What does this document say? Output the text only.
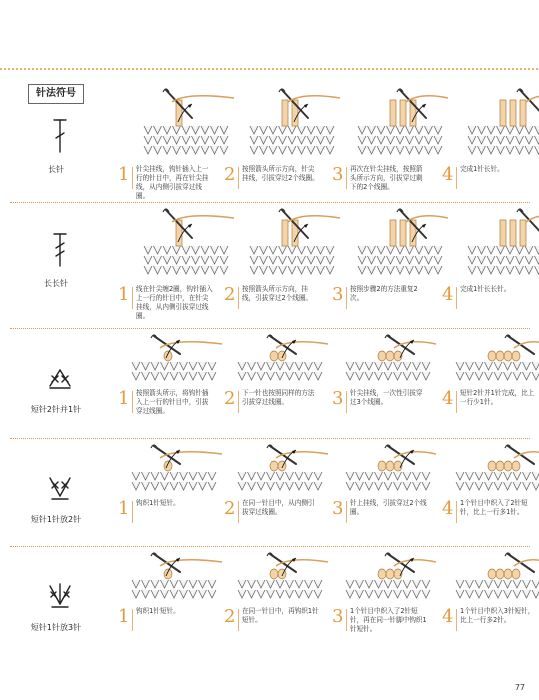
针法符号
长针	1 针尖挂线，钩针插入上一行的针目中，再在针尖挂线，从内侧引拔穿过线圈。
2 按照箭头所示方向，针尖挂线，引拔穿过2个线圈。 3 再次在针尖挂线，按照箭头所示方向，引拔穿过剩下的2个线圈。
4 完成1针长针。
长长针
1 线在针尖缠2圈，钩针插入上一行的针目中，在针尖挂线，从内侧引拔穿过线圈。
2 按照箭头所示方向，挂线，引拔穿过2个线圈。	3 按照步骤2的方法重复2次。	4 完成1针长长针。
短针2针并1针
1 按照箭头所示，将钩针插入上一行的针目中，引拔穿过线圈。
2 下一针也按照同样的方法引拔穿过线圈。	3 针尖挂线，一次性引拔穿过3个线圈。	4 短针2针并1针完成，比上一行少1针。
短针1针放2针
1 钩织1针短针。	2 在同一针目中，从内侧引拔穿过线圈。	3 针上挂线，引拔穿过2个线圈。	4 1个针目中织入了2针短针，比上一行多1针。
短针1针放3针
1 钩织1针短针。	2 在同一针目中，再钩织1针短针。	3 1个针目中织入了2针短针，再在同一针脚中钩织1针短针。
4 1个针目中织入3针短针，比上一行多2针。
77
